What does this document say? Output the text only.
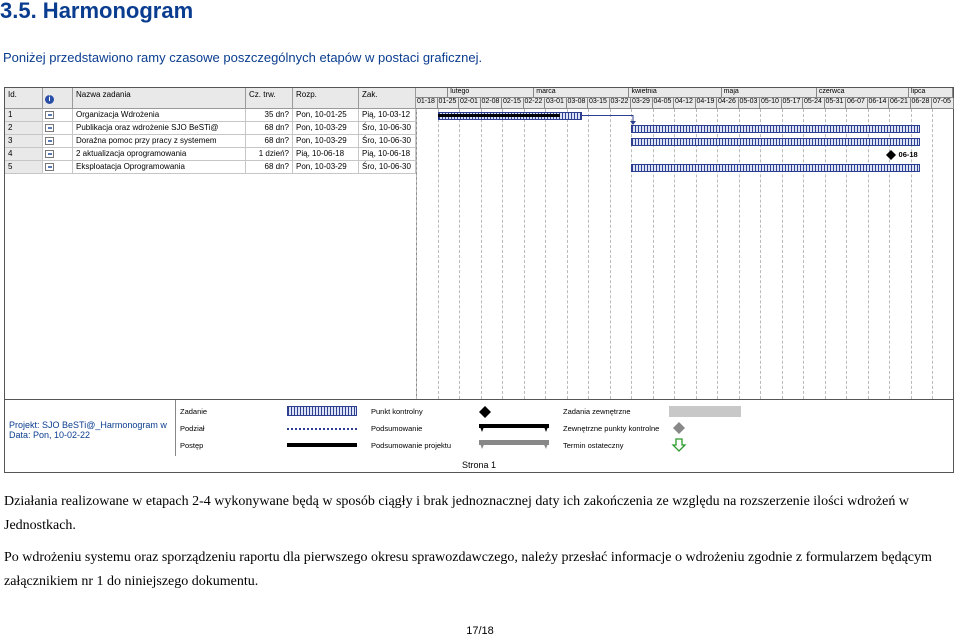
3.5. Harmonogram
Poniżej przedstawiono ramy czasowe poszczególnych etapów w postaci graficznej.
Id.
i
Nazwa zadania	Cz. trw.	Rozp.	Zak.
1	Organizacja Wdrożenia	35 dn? Pon, 10-01-25	Pią, 10-03-12
2	Publikacja oraz wdrożenie SJO BeSTi@	68 dn? Pon, 10-03-29	Śro, 10-06-30
3	Doraźna pomoc przy pracy z systemem	68 dn? Pon, 10-03-29	Śro, 10-06-30
4	2 aktualizacja oprogramowania	1 dzień? Pią, 10-06-18	Pią, 10-06-18
5	Eksploatacja Oprogramowania	68 dn? Pon, 10-03-29	Śro, 10-06-30
01-18 01-25 02-01 02-08 02-15 02-22 03-01 03-08 03-15 03-22 03-29 04-05 04-12 04-19 04-26 05-03 05-10 05-17 05-24 05-31 06-07 06-14 06-21 06-28 07-05
lutego	marca	kwietnia	maja	czerwca	lipca
06-18
Projekt: SJO BeSTi@_Harmonogram w
Data: Pon, 10-02-22
Zadanie
Podział
Postęp
Punkt kontrolny
Podsumowanie
Podsumowanie projektu
Zadania zewnętrzne
Zewnętrzne punkty kontrolne
Termin ostateczny
Strona 1
Działania realizowane w etapach 2-4 wykonywane będą w sposób ciągły i brak jednoznacznej daty ich zakończenia ze względu na rozszerzenie ilości wdrożeń w Jednostkach.
Po wdrożeniu systemu oraz sporządzeniu raportu dla pierwszego okresu sprawozdawczego, należy przesłać informacje o wdrożeniu zgodnie z formularzem będącym załącznikiem nr 1 do niniejszego dokumentu.
17/18
